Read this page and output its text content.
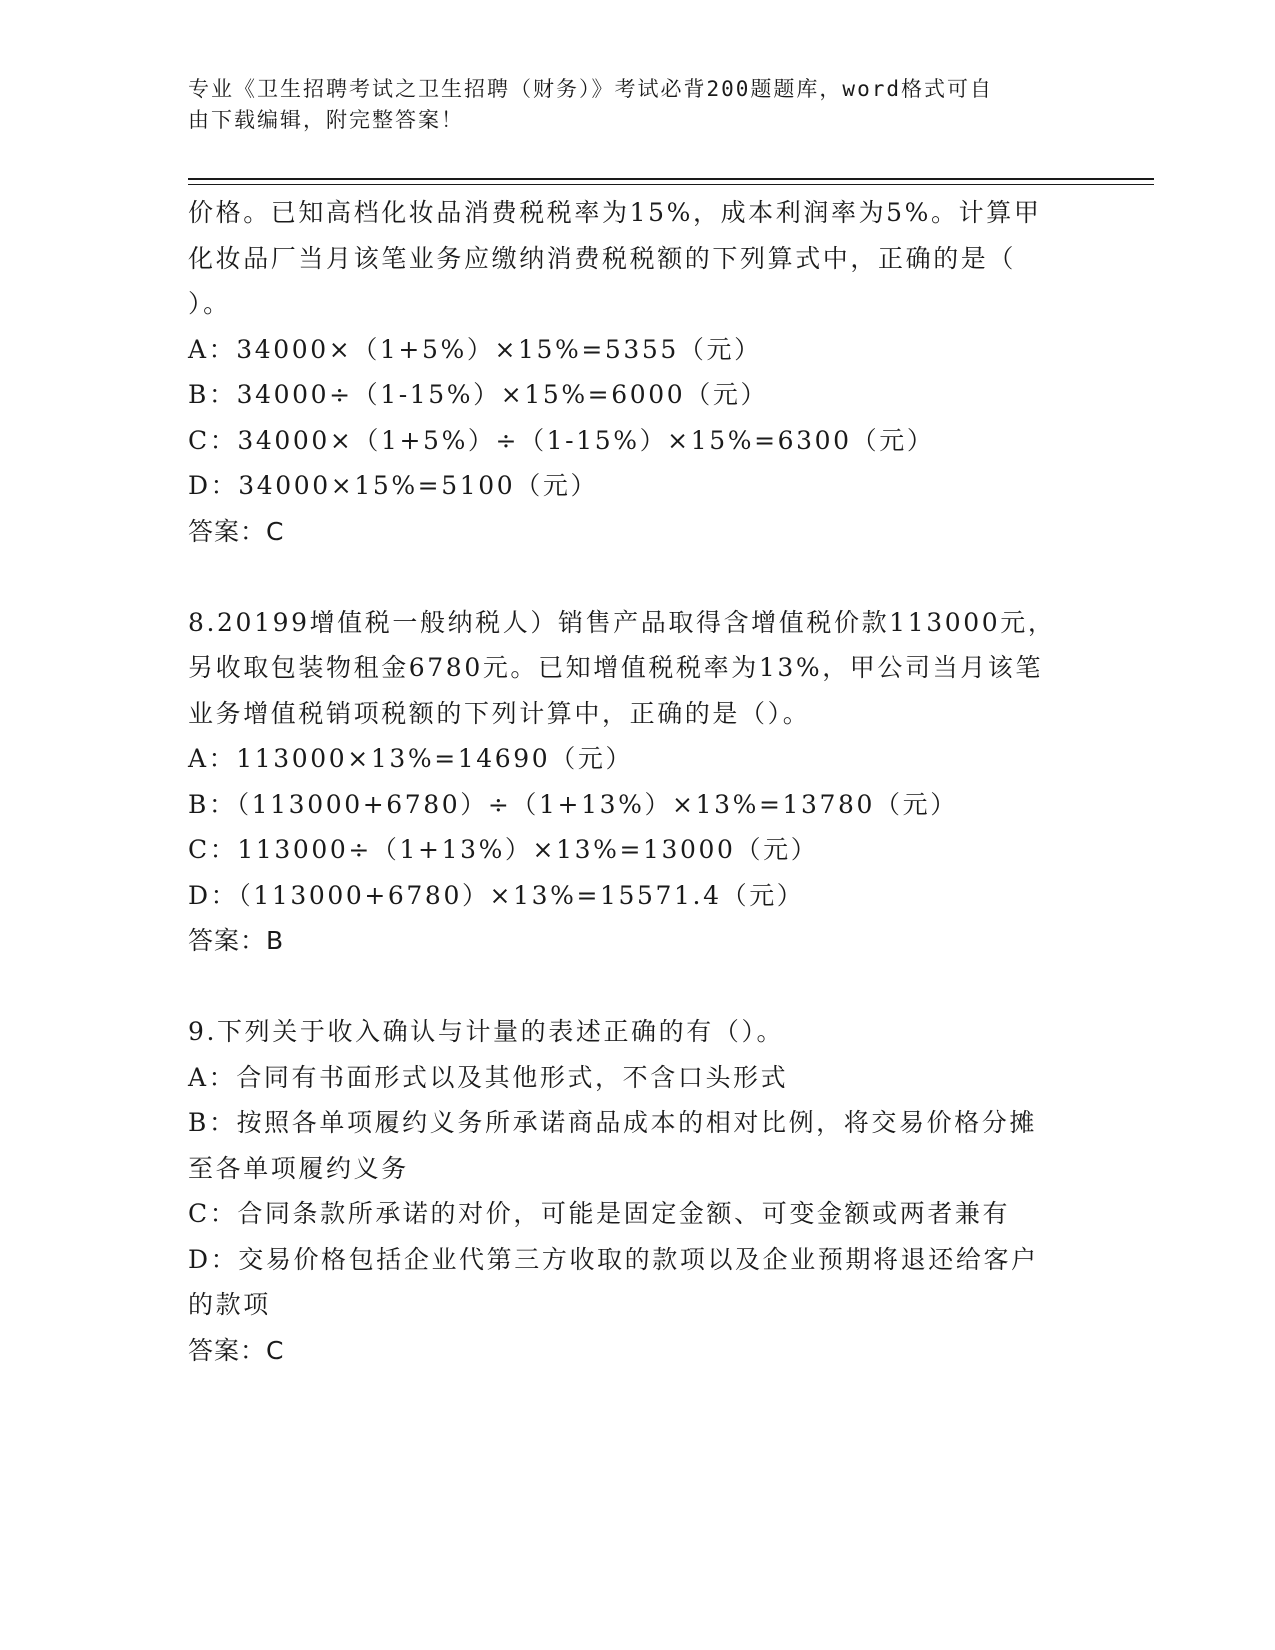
专业《卫生招聘考试之卫生招聘（财务）》考试必背200题题库，word格式可自
由下载编辑，附完整答案！
价格。已知高档化妆品消费税税率为15%，成本利润率为5%。计算甲
化妆品厂当月该笔业务应缴纳消费税税额的下列算式中，正确的是（
）。
A：34000×（1+5%）×15%=5355（元）
B：34000÷（1-15%）×15%=6000（元）
C：34000×（1+5%）÷（1-15%）×15%=6300（元）
D：34000×15%=5100（元）
答案：C
8.20199增值税一般纳税人）销售产品取得含增值税价款113000元，
另收取包装物租金6780元。已知增值税税率为13%，甲公司当月该笔
业务增值税销项税额的下列计算中，正确的是（）。
A：113000×13%=14690（元）
B：（113000+6780）÷（1+13%）×13%=13780（元）
C：113000÷（1+13%）×13%=13000（元）
D：（113000+6780）×13%=15571.4（元）
答案：B
9.下列关于收入确认与计量的表述正确的有（）。
A：合同有书面形式以及其他形式，不含口头形式
B：按照各单项履约义务所承诺商品成本的相对比例，将交易价格分摊
至各单项履约义务
C：合同条款所承诺的对价，可能是固定金额、可变金额或两者兼有
D：交易价格包括企业代第三方收取的款项以及企业预期将退还给客户
的款项
答案：C
